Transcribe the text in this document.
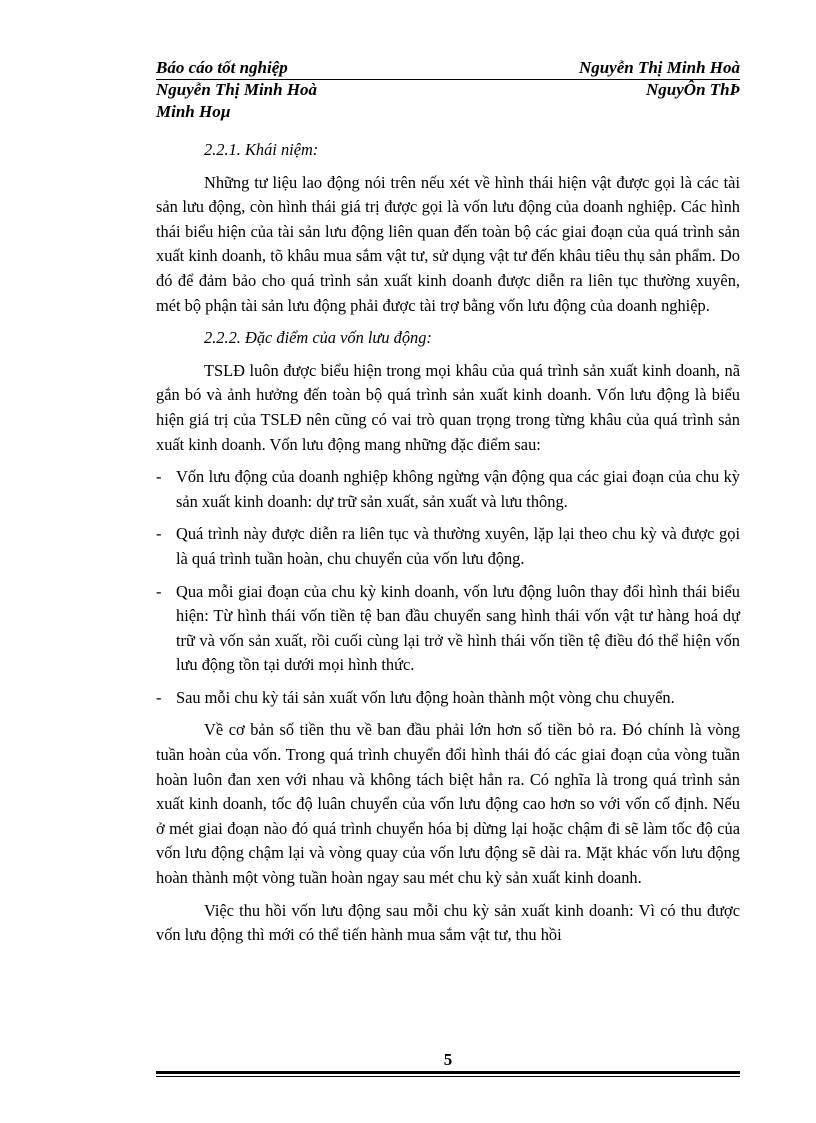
Báo cáo tốt nghiệp	Nguyễn Thị Minh Hoà
Nguyễn Thị Minh Hoà	NguyÔn ThÞ
Minh Hoµ
2.2.1. Khái niệm:

Những tư liệu lao động nói trên nếu xét về hình thái hiện vật được gọi là các tài sản lưu động, còn hình thái giá trị được gọi là vốn lưu động của doanh nghiệp. Các hình thái biểu hiện của tài sản lưu động liên quan đến toàn bộ các giai đoạn của quá trình sản xuất kinh doanh, tõ khâu mua sắm vật tư, sử dụng vật tư đến khâu tiêu thụ sản phẩm. Do đó để đảm bảo cho quá trình sản xuất kinh doanh được diễn ra liên tục thường xuyên, mét bộ phận tài sản lưu động phải được tài trợ bằng vốn lưu động của doanh nghiệp.

2.2.2. Đặc điểm của vốn lưu động:

TSLĐ luôn được biểu hiện trong mọi khâu của quá trình sản xuất kinh doanh, nã gắn bó và ảnh hưởng đến toàn bộ quá trình sản xuất kinh doanh. Vốn lưu động là biểu hiện giá trị của TSLĐ nên cũng có vai trò quan trọng trong từng khâu của quá trình sản xuất kinh doanh. Vốn lưu động mang những đặc điểm sau:

- Vốn lưu động của doanh nghiệp không ngừng vận động qua các giai đoạn của chu kỳ sản xuất kinh doanh: dự trữ sản xuất, sản xuất và lưu thông.
- Quá trình này được diễn ra liên tục và thường xuyên, lặp lại theo chu kỳ và được gọi là quá trình tuần hoàn, chu chuyển của vốn lưu động.
- Qua mỗi giai đoạn của chu kỳ kinh doanh, vốn lưu động luôn thay đổi hình thái biểu hiện: Từ hình thái vốn tiền tệ ban đầu chuyển sang hình thái vốn vật tư hàng hoá dự trữ và vốn sản xuất, rồi cuối cùng lại trở về hình thái vốn tiền tệ điều đó thể hiện vốn lưu động tồn tại dưới mọi hình thức.
- Sau mỗi chu kỳ tái sản xuất vốn lưu động hoàn thành một vòng chu chuyển.

Về cơ bản số tiền thu về ban đầu phải lớn hơn số tiền bỏ ra. Đó chính là vòng tuần hoàn của vốn. Trong quá trình chuyển đổi hình thái đó các giai đoạn của vòng tuần hoàn luôn đan xen với nhau và không tách biệt hẳn ra. Có nghĩa là trong quá trình sản xuất kinh doanh, tốc độ luân chuyển của vốn lưu động cao hơn so với vốn cố định. Nếu ở mét giai đoạn nào đó quá trình chuyển hóa bị dừng lại hoặc chậm đi sẽ làm tốc độ của vốn lưu động chậm lại và vòng quay của vốn lưu động sẽ dài ra. Mặt khác vốn lưu động hoàn thành một vòng tuần hoàn ngay sau mét chu kỳ sản xuất kinh doanh.

Việc thu hồi vốn lưu động sau mỗi chu kỳ sản xuất kinh doanh: Vì có thu được vốn lưu động thì mới có thể tiến hành mua sắm vật tư, thu hồi

5
